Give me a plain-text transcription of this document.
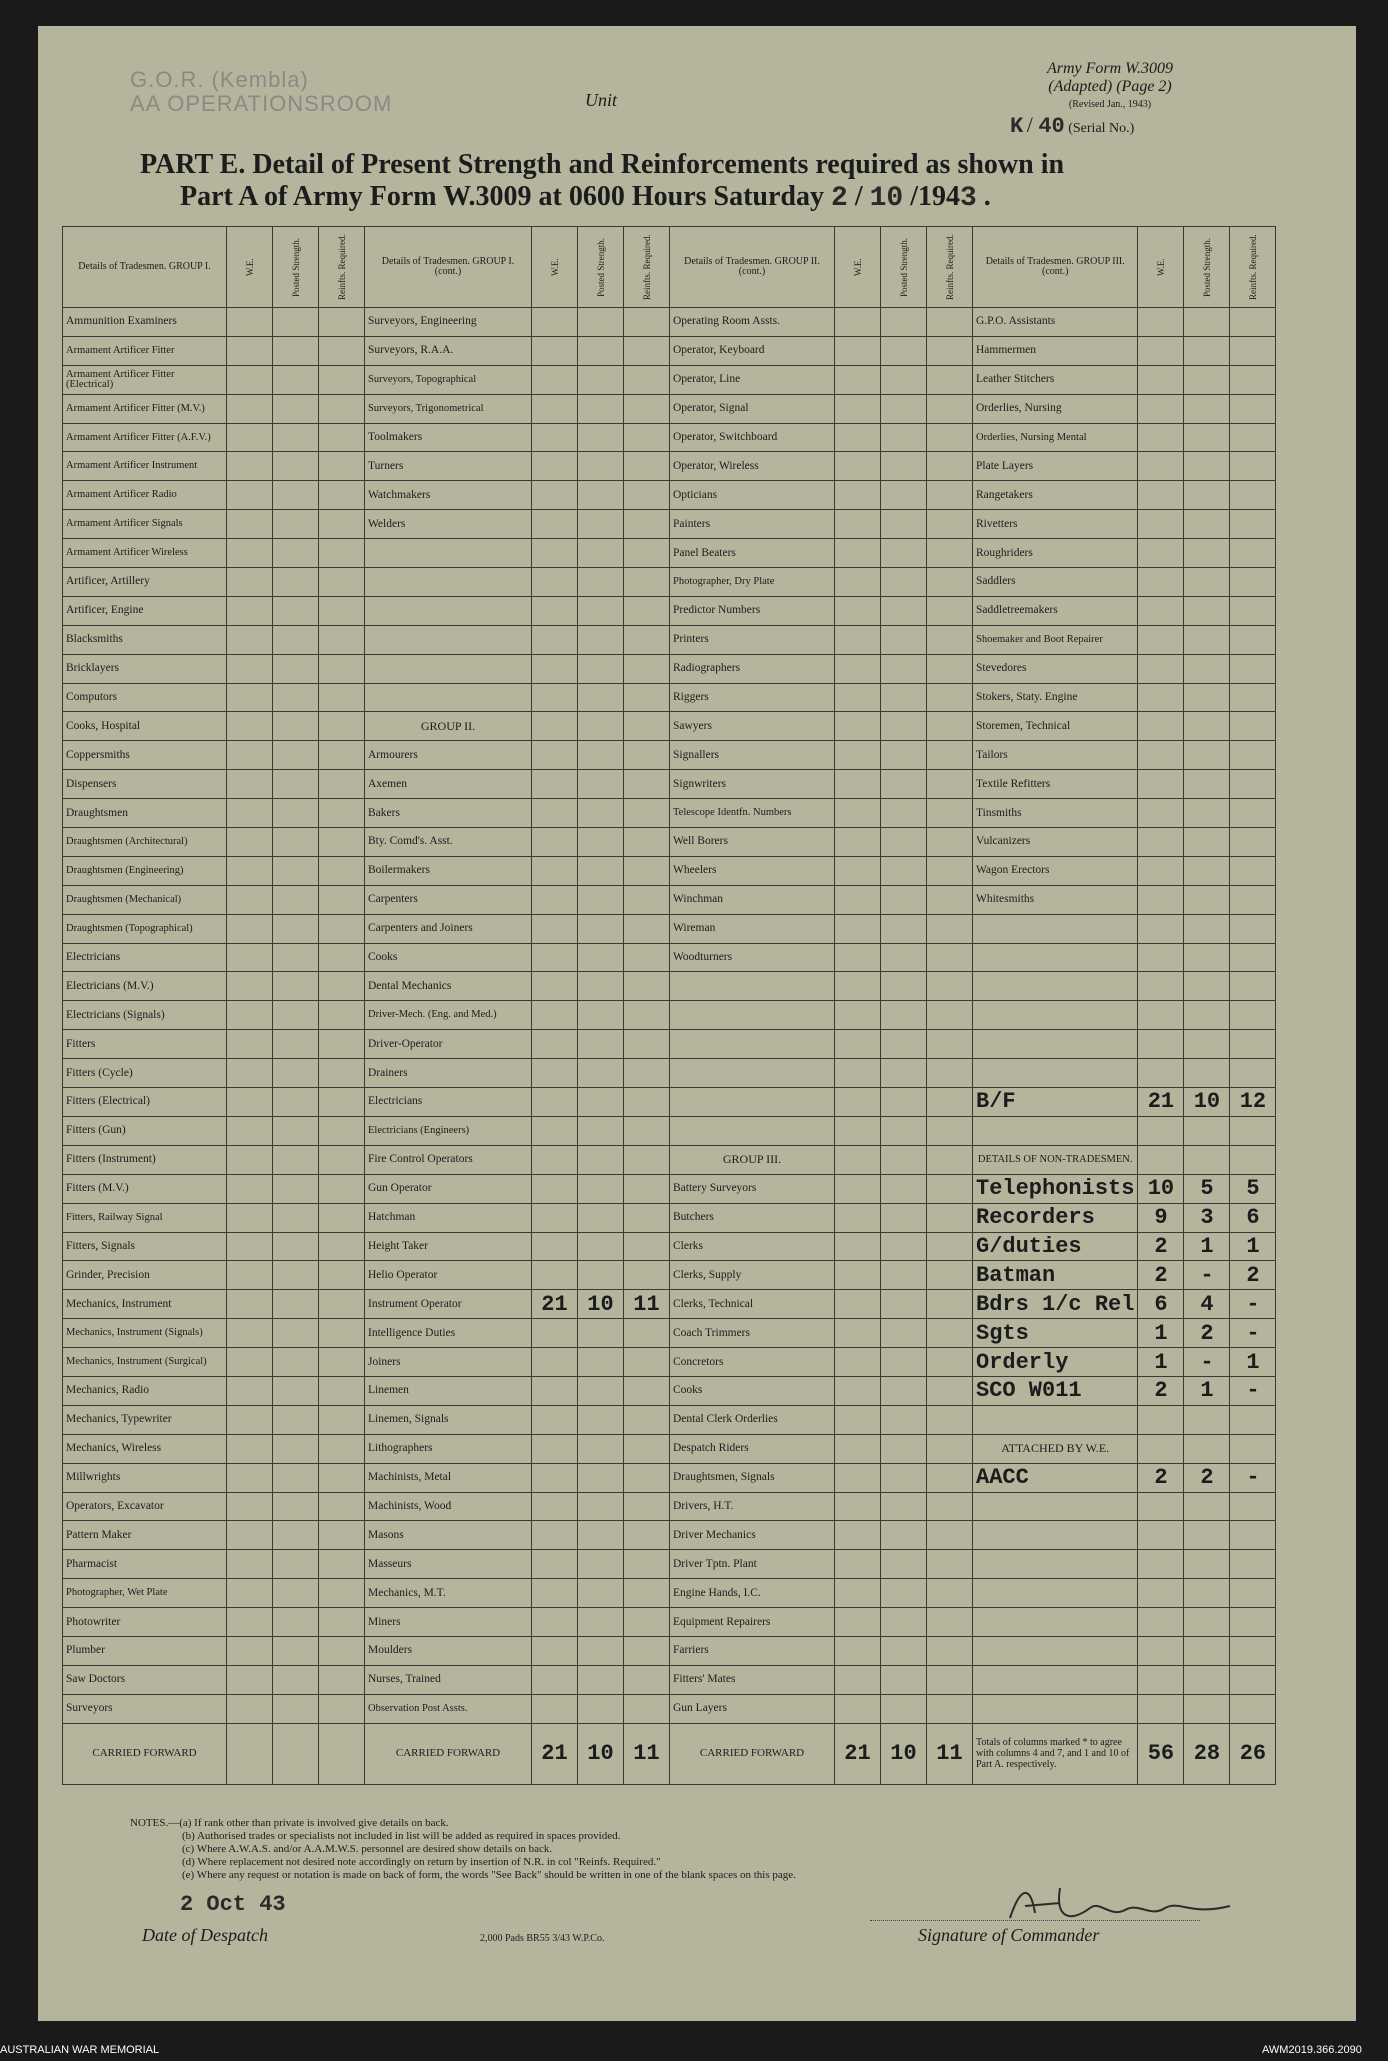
G.O.R. (Kembla)
AA OPERATIONSROOM	Unit
Army Form W.3009
(Adapted) (Page 2)
(Revised Jan., 1943)
K / 40 (Serial No.)
PART E. Detail of Present Strength and Reinforcements required as shown in
Part A of Army Form W.3009 at 0600 Hours Saturday 2 / 10 /1943 .
Details of Tradesmen. GROUP I.	W.E.	Posted Strength.	Reinfts. Required.	Details of Tradesmen. GROUP I. (cont.)	W.E.	Posted Strength.	Reinfts. Required.	Details of Tradesmen. GROUP II. (cont.)	W.E.	Posted Strength.	Reinfts. Required.	Details of Tradesmen. GROUP III. (cont.)	W.E.	Posted Strength.	Reinfts. Required.
Ammunition Examiners				Surveyors, Engineering				Operating Room Assts.				G.P.O. Assistants			
Armament Artificer Fitter				Surveyors, R.A.A.				Operator, Keyboard				Hammermen			
Armament Artificer Fitter (Electrical)				Surveyors, Topographical				Operator, Line				Leather Stitchers			
Armament Artificer Fitter (M.V.)				Surveyors, Trigonometrical				Operator, Signal				Orderlies, Nursing			
Armament Artificer Fitter (A.F.V.)				Toolmakers				Operator, Switchboard				Orderlies, Nursing Mental			
Armament Artificer Instrument				Turners				Operator, Wireless				Plate Layers			
Armament Artificer Radio				Watchmakers				Opticians				Rangetakers			
Armament Artificer Signals				Welders				Painters				Rivetters			
Armament Artificer Wireless								Panel Beaters				Roughriders			
Artificer, Artillery								Photographer, Dry Plate				Saddlers			
Artificer, Engine								Predictor Numbers				Saddletreemakers			
Blacksmiths								Printers				Shoemaker and Boot Repairer			
Bricklayers								Radiographers				Stevedores			
Computors								Riggers				Stokers, Staty. Engine			
Cooks, Hospital				GROUP II.				Sawyers				Storemen, Technical			
Coppersmiths				Armourers				Signallers				Tailors			
Dispensers				Axemen				Signwriters				Textile Refitters			
Draughtsmen				Bakers				Telescope Identfn. Numbers				Tinsmiths			
Draughtsmen (Architectural)				Bty. Comd's. Asst.				Well Borers				Vulcanizers			
Draughtsmen (Engineering)				Boilermakers				Wheelers				Wagon Erectors			
Draughtsmen (Mechanical)				Carpenters				Winchman				Whitesmiths			
Draughtsmen (Topographical)				Carpenters and Joiners				Wireman							
Electricians				Cooks				Woodturners							
Electricians (M.V.)				Dental Mechanics											
Electricians (Signals)				Driver-Mech. (Eng. and Med.)											
Fitters				Driver-Operator											
Fitters (Cycle)				Drainers											
Fitters (Electrical)				Electricians								B/F	21	10	12
Fitters (Gun)				Electricians (Engineers)											
Fitters (Instrument)				Fire Control Operators				GROUP III.				DETAILS OF NON-TRADESMEN.			
Fitters (M.V.)				Gun Operator				Battery Surveyors				Telephonists	10	5	5
Fitters, Railway Signal				Hatchman				Butchers				Recorders	9	3	6
Fitters, Signals				Height Taker				Clerks				G/duties	2	1	1
Grinder, Precision				Helio Operator				Clerks, Supply				Batman	2	-	2
Mechanics, Instrument				Instrument Operator	21	10	11	Clerks, Technical				Bdrs 1/c Rel	6	4	-
Mechanics, Instrument (Signals)				Intelligence Duties				Coach Trimmers				Sgts	1	2	-
Mechanics, Instrument (Surgical)				Joiners				Concretors				Orderly	1	-	1
Mechanics, Radio				Linemen				Cooks				SCO W011	2	1	-
Mechanics, Typewriter				Linemen, Signals				Dental Clerk Orderlies							
Mechanics, Wireless				Lithographers				Despatch Riders				ATTACHED BY W.E.			
Millwrights				Machinists, Metal				Draughtsmen, Signals				AACC	2	2	-
Operators, Excavator				Machinists, Wood				Drivers, H.T.							
Pattern Maker				Masons				Driver Mechanics							
Pharmacist				Masseurs				Driver Tptn. Plant							
Photographer, Wet Plate				Mechanics, M.T.				Engine Hands, I.C.							
Photowriter				Miners				Equipment Repairers							
Plumber				Moulders				Farriers							
Saw Doctors				Nurses, Trained				Fitters' Mates							
Surveyors				Observation Post Assts.				Gun Layers							
CARRIED FORWARD				CARRIED FORWARD	21	10	11	CARRIED FORWARD	21	10	11	Totals of columns marked * to agree with columns 4 and 7, and 1 and 10 of Part A. respectively.	56	28	26
NOTES.—(a) If rank other than private is involved give details on back.
(b) Authorised trades or specialists not included in list will be added as required in spaces provided.
(c) Where A.W.A.S. and/or A.A.M.W.S. personnel are desired show details on back.
(d) Where replacement not desired note accordingly on return by insertion of N.R. in col "Reinfs. Required."
(e) Where any request or notation is made on back of form, the words "See Back" should be written in one of the blank spaces on this page.
2 Oct 43
Date of Despatch	2,000 Pads BR55 3/43 W.P.Co.	Signature of Commander
AUSTRALIAN WAR MEMORIAL	AWM2019.366.2090
